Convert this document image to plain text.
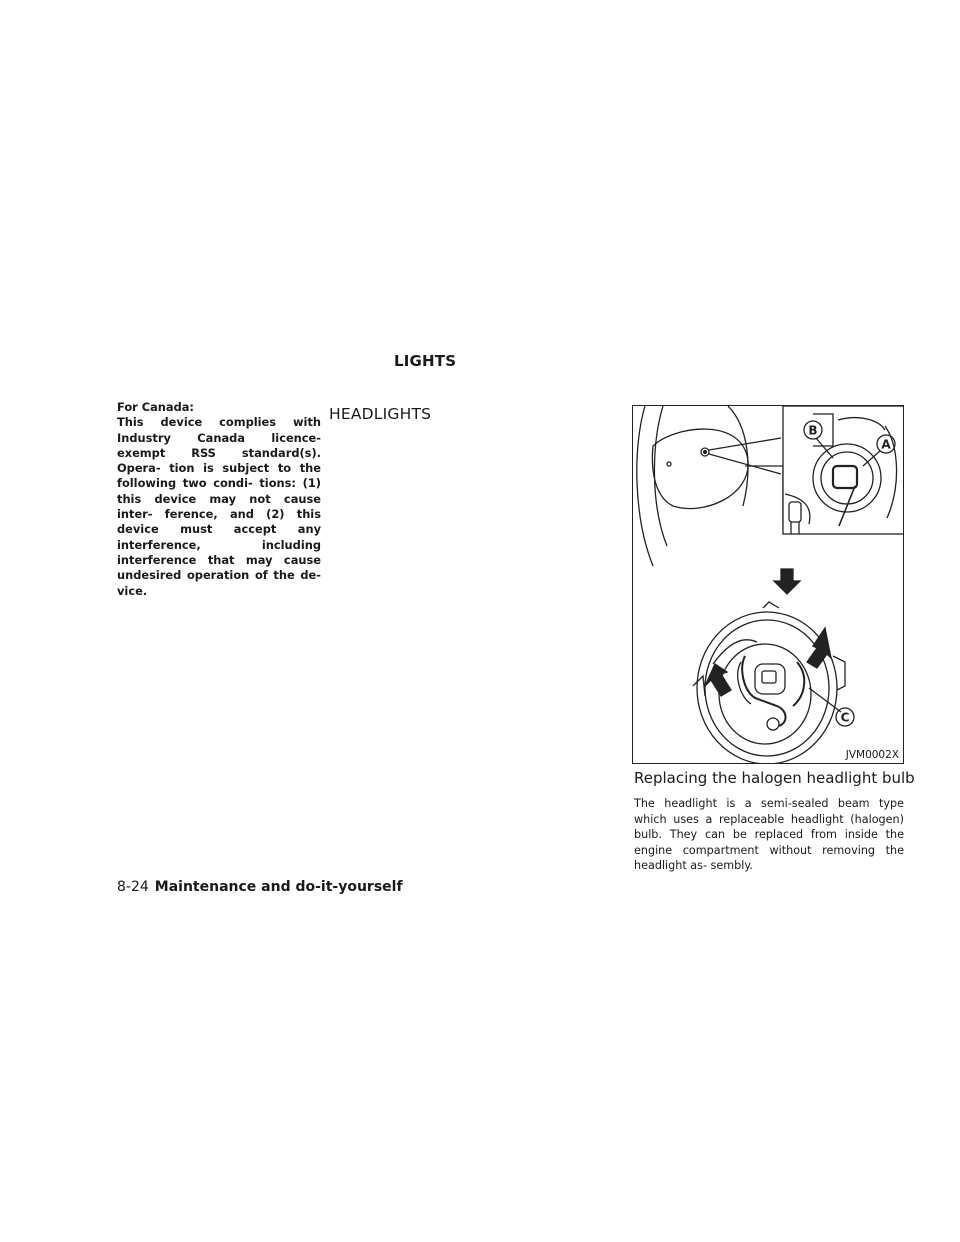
LIGHTS

For Canada:

This device complies with Industry Canada licence-exempt RSS standard(s). Opera- tion is subject to the following two condi- tions: (1) this device may not cause inter- ference, and (2) this device must accept any interference, including interference that may cause undesired operation of the de- vice.

HEADLIGHTS
B
A
C
JVM0002X
Replacing the halogen headlight bulb

The headlight is a semi-sealed beam type which uses a replaceable headlight (halogen) bulb. They can be replaced from inside the engine compartment without removing the headlight as- sembly.

8-24 Maintenance and do-it-yourself
